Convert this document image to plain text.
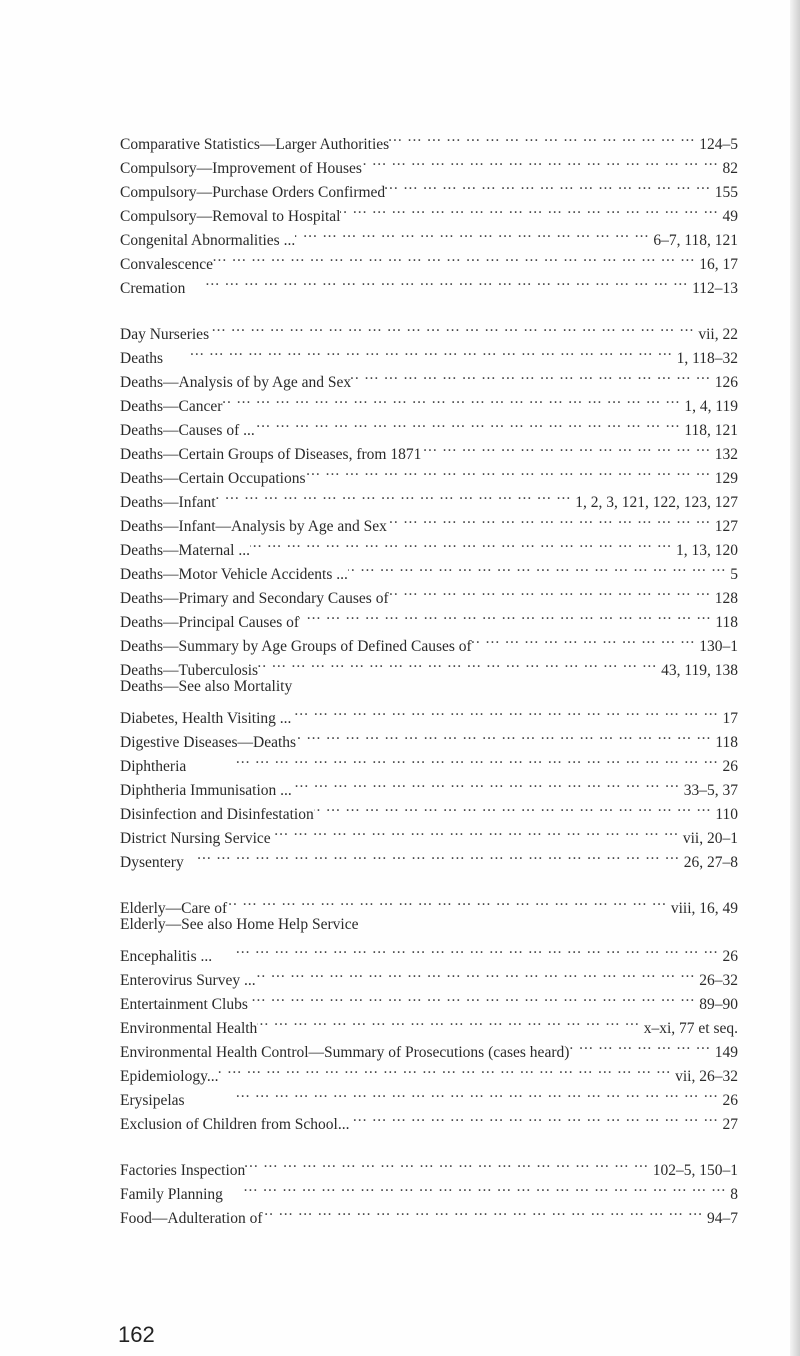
Comparative Statistics—Larger Authorities ... .	124–5
Compulsory—Improvement of Houses ... .	82
Compulsory—Purchase Orders Confirmed ... .	155
Compulsory—Removal to Hospital ... .	49
Congenital Abnormalities ... ... .	6–7, 118, 121
Convalescence ... .	16, 17
Cremation ... .	112–13
Day Nurseries ... .	vii, 22
Deaths ... .	1, 118–32
Deaths—Analysis of by Age and Sex ... .	126
Deaths—Cancer ... .	1, 4, 119
Deaths—Causes of ... ... .	118, 121
Deaths—Certain Groups of Diseases, from 1871 ... .	132
Deaths—Certain Occupations ... .	129
Deaths—Infant ... .	1, 2, 3, 121, 122, 123, 127
Deaths—Infant—Analysis by Age and Sex ... .	127
Deaths—Maternal ... ... .	1, 13, 120
Deaths—Motor Vehicle Accidents ... ... .	5
Deaths—Primary and Secondary Causes of ... .	128
Deaths—Principal Causes of ... .	118
Deaths—Summary by Age Groups of Defined Causes of ... .	130–1
Deaths—Tuberculosis ... .	43, 119, 138
Deaths—See also Mortality
Diabetes, Health Visiting ... ... .	17
Digestive Diseases—Deaths ... .	118
Diphtheria ... .	26
Diphtheria Immunisation ... ... .	33–5, 37
Disinfection and Disinfestation ... .	110
District Nursing Service ... .	vii, 20–1
Dysentery ... .	26, 27–8
Elderly—Care of ... .	viii, 16, 49
Elderly—See also Home Help Service
Encephalitis ... ... .	26
Enterovirus Survey ... ... .	26–32
Entertainment Clubs ... .	89–90
Environmental Health ... .	x–xi, 77 et seq.
Environmental Health Control—Summary of Prosecutions (cases heard) ... .	149
Epidemiology... ... .	vii, 26–32
Erysipelas ... .	26
Exclusion of Children from School... ... .	27
Factories Inspection ... .	102–5, 150–1
Family Planning ... .	8
Food—Adulteration of ... .	94–7
162
